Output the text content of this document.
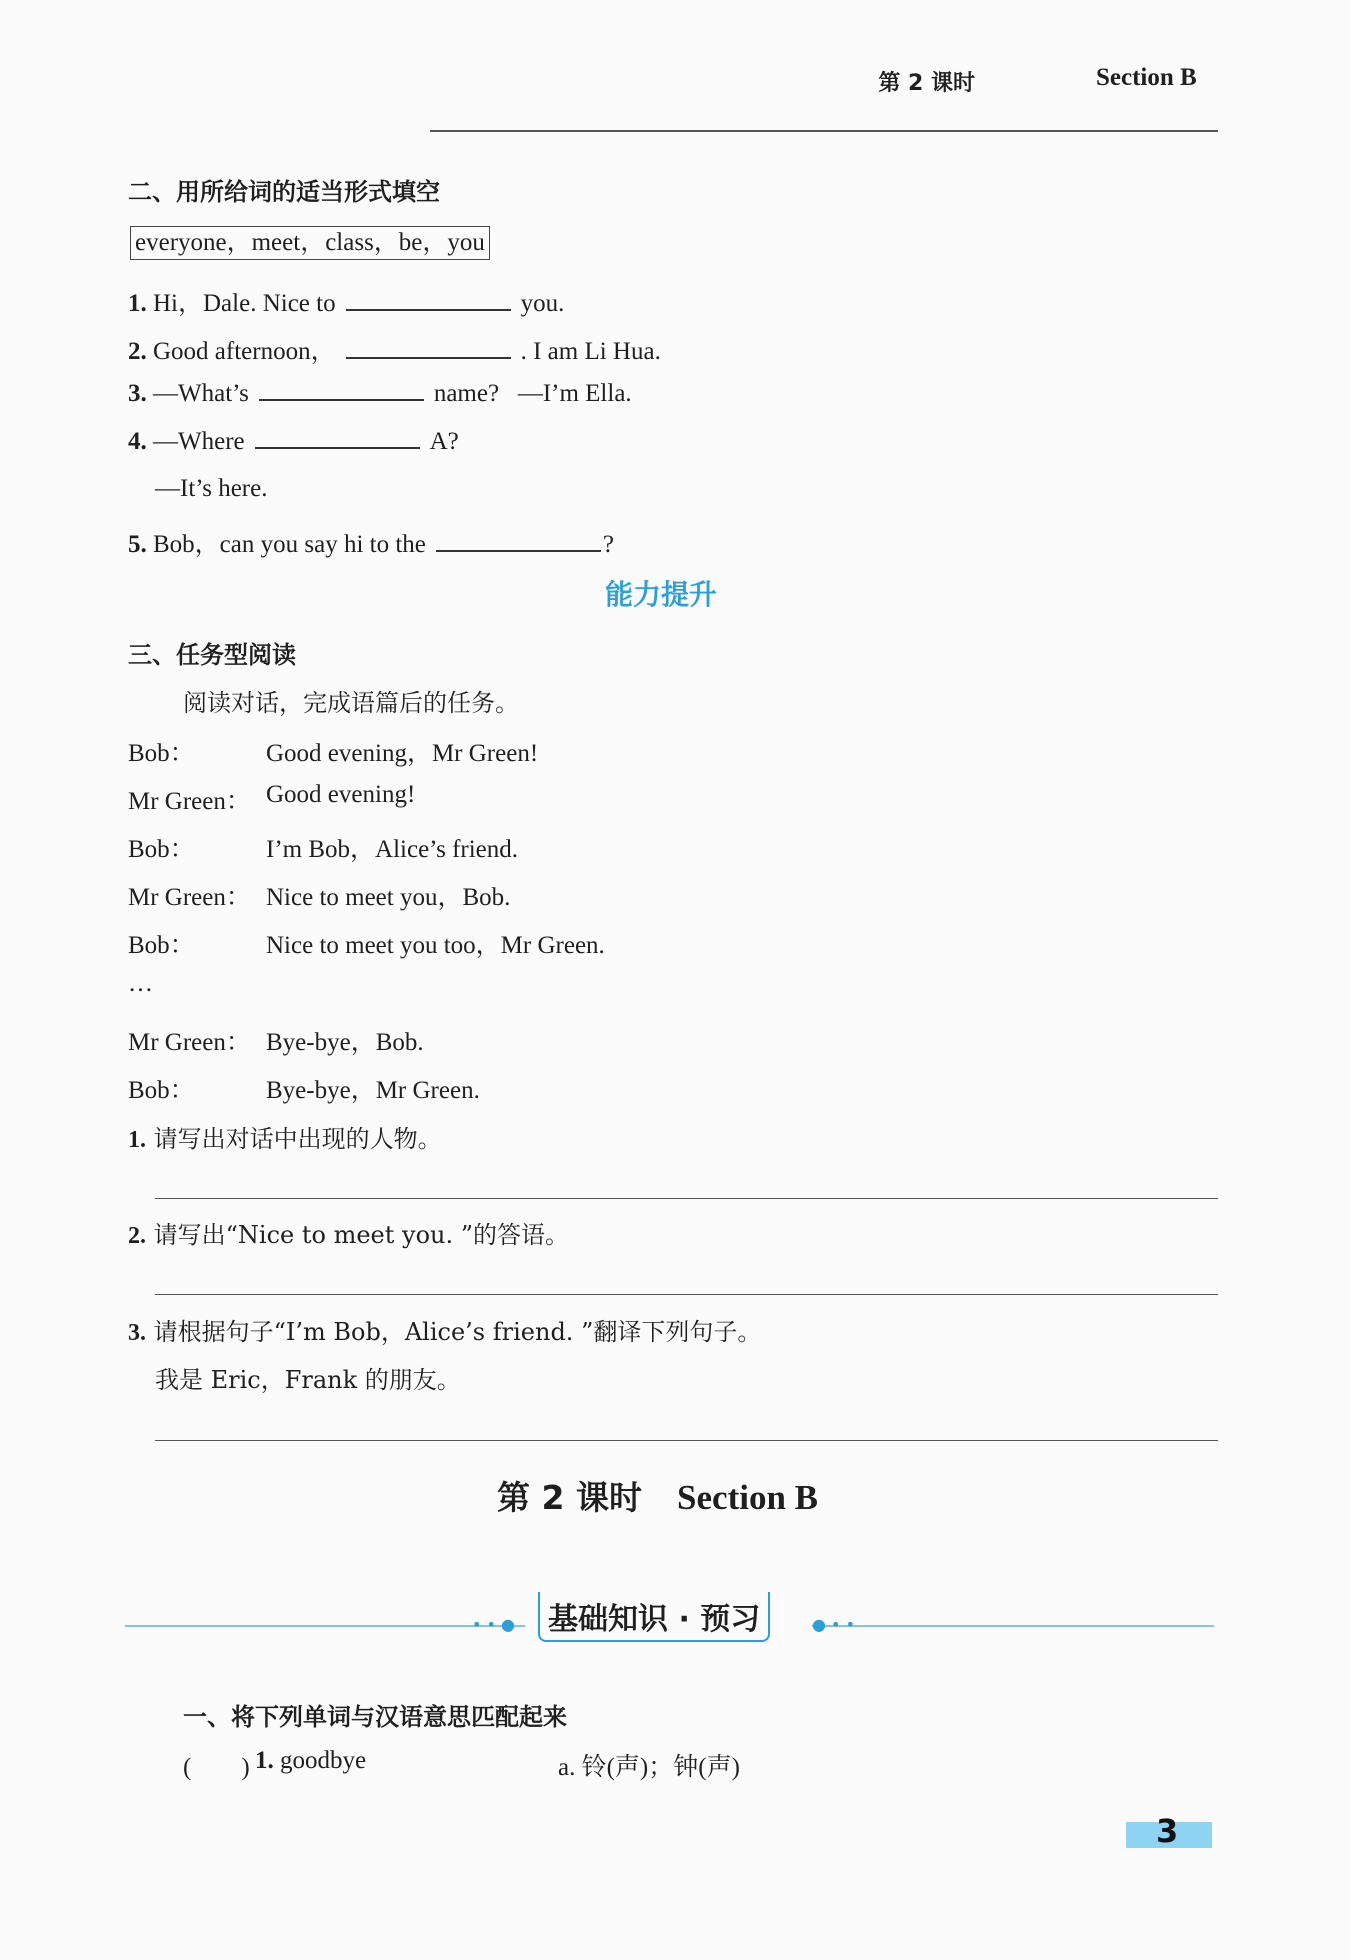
第 2 课时	Section B
二、用所给词的适当形式填空
everyone，meet，class，be，you
1. Hi，Dale. Nice to	you.
2. Good afternoon，	. I am Li Hua.
3. —What’s	name?   —I’m Ella.
4. —Where	A?
—It’s here.
5. Bob，can you say hi to the	?
能力提升
三、任务型阅读
阅读对话，完成语篇后的任务。
Bob：	Good evening，Mr Green!
Mr Green： Good evening!
Bob：	I’m Bob，Alice’s friend.
Mr Green： Nice to meet you，Bob.
Bob：	Nice to meet you too，Mr Green.
…
Mr Green： Bye-bye，Bob.
Bob：	Bye-bye，Mr Green.
1. 请写出对话中出现的人物。
2. 请写出“Nice to meet you. ”的答语。
3. 请根据句子“I’m Bob，Alice’s friend. ”翻译下列句子。
我是 Eric，Frank 的朋友。
第 2 课时 Section B
• • ●	● • •
基础知识 · 预习
一、将下列单词与汉语意思匹配起来
(　　) 1. goodbye	a. 铃(声)；钟(声)
3
